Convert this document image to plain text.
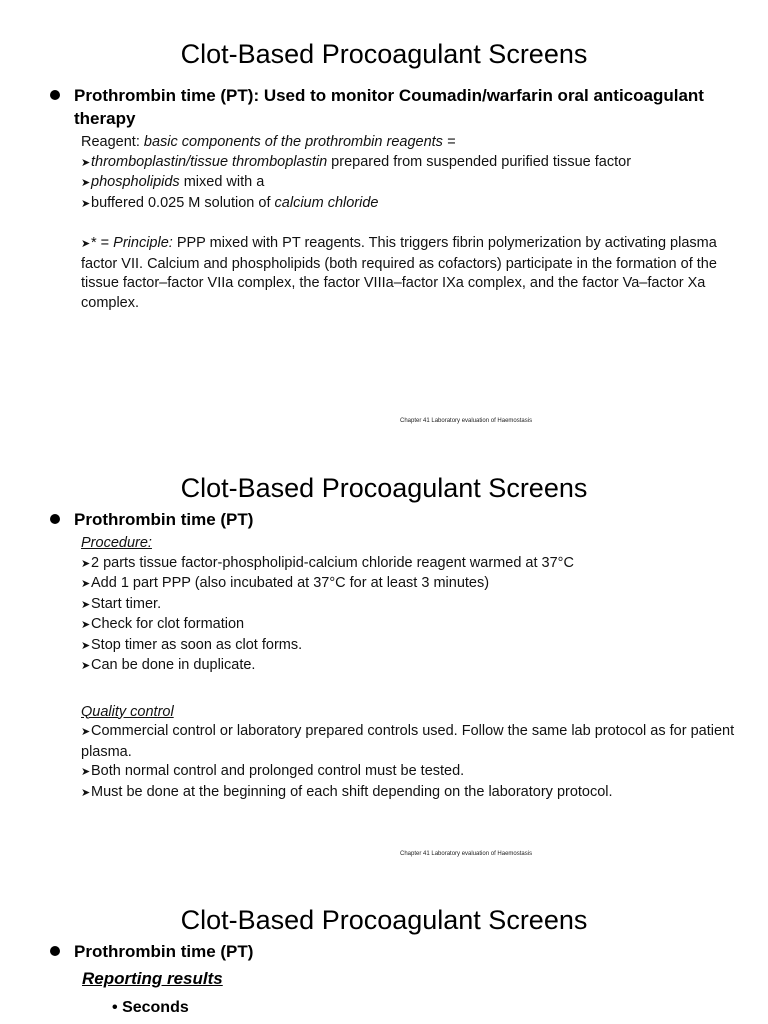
Clot-Based Procoagulant Screens
Prothrombin time (PT): Used to monitor Coumadin/warfarin oral anticoagulant therapy
Reagent: basic components of the prothrombin reagents =
➤thromboplastin/tissue thromboplastin prepared from suspended purified tissue factor
➤phospholipids mixed with a
➤buffered 0.025 M solution of calcium chloride
➤* = Principle: PPP mixed with PT reagents. This triggers fibrin polymerization by activating plasma factor VII. Calcium and phospholipids (both required as cofactors) participate in the formation of the tissue factor–factor VIIa complex, the factor VIIIa–factor IXa complex, and the factor Va–factor Xa complex.
Chapter 41 Laboratory evaluation of Haemostasis
Clot-Based Procoagulant Screens
Prothrombin time (PT)
Procedure:
➤2 parts tissue factor-phospholipid-calcium chloride reagent warmed at 37°C
➤Add 1 part PPP (also incubated at 37°C for at least 3 minutes)
➤Start timer.
➤Check for clot formation
➤Stop timer as soon as clot forms.
➤Can be done in duplicate.
Quality control
➤Commercial control or laboratory prepared controls used. Follow the same lab protocol as for patient plasma.
➤Both normal control and prolonged control must be tested.
➤Must be done at the beginning of each shift depending on the laboratory protocol.
Chapter 41 Laboratory evaluation of Haemostasis
Clot-Based Procoagulant Screens
Prothrombin time (PT)
Reporting results
• Seconds
